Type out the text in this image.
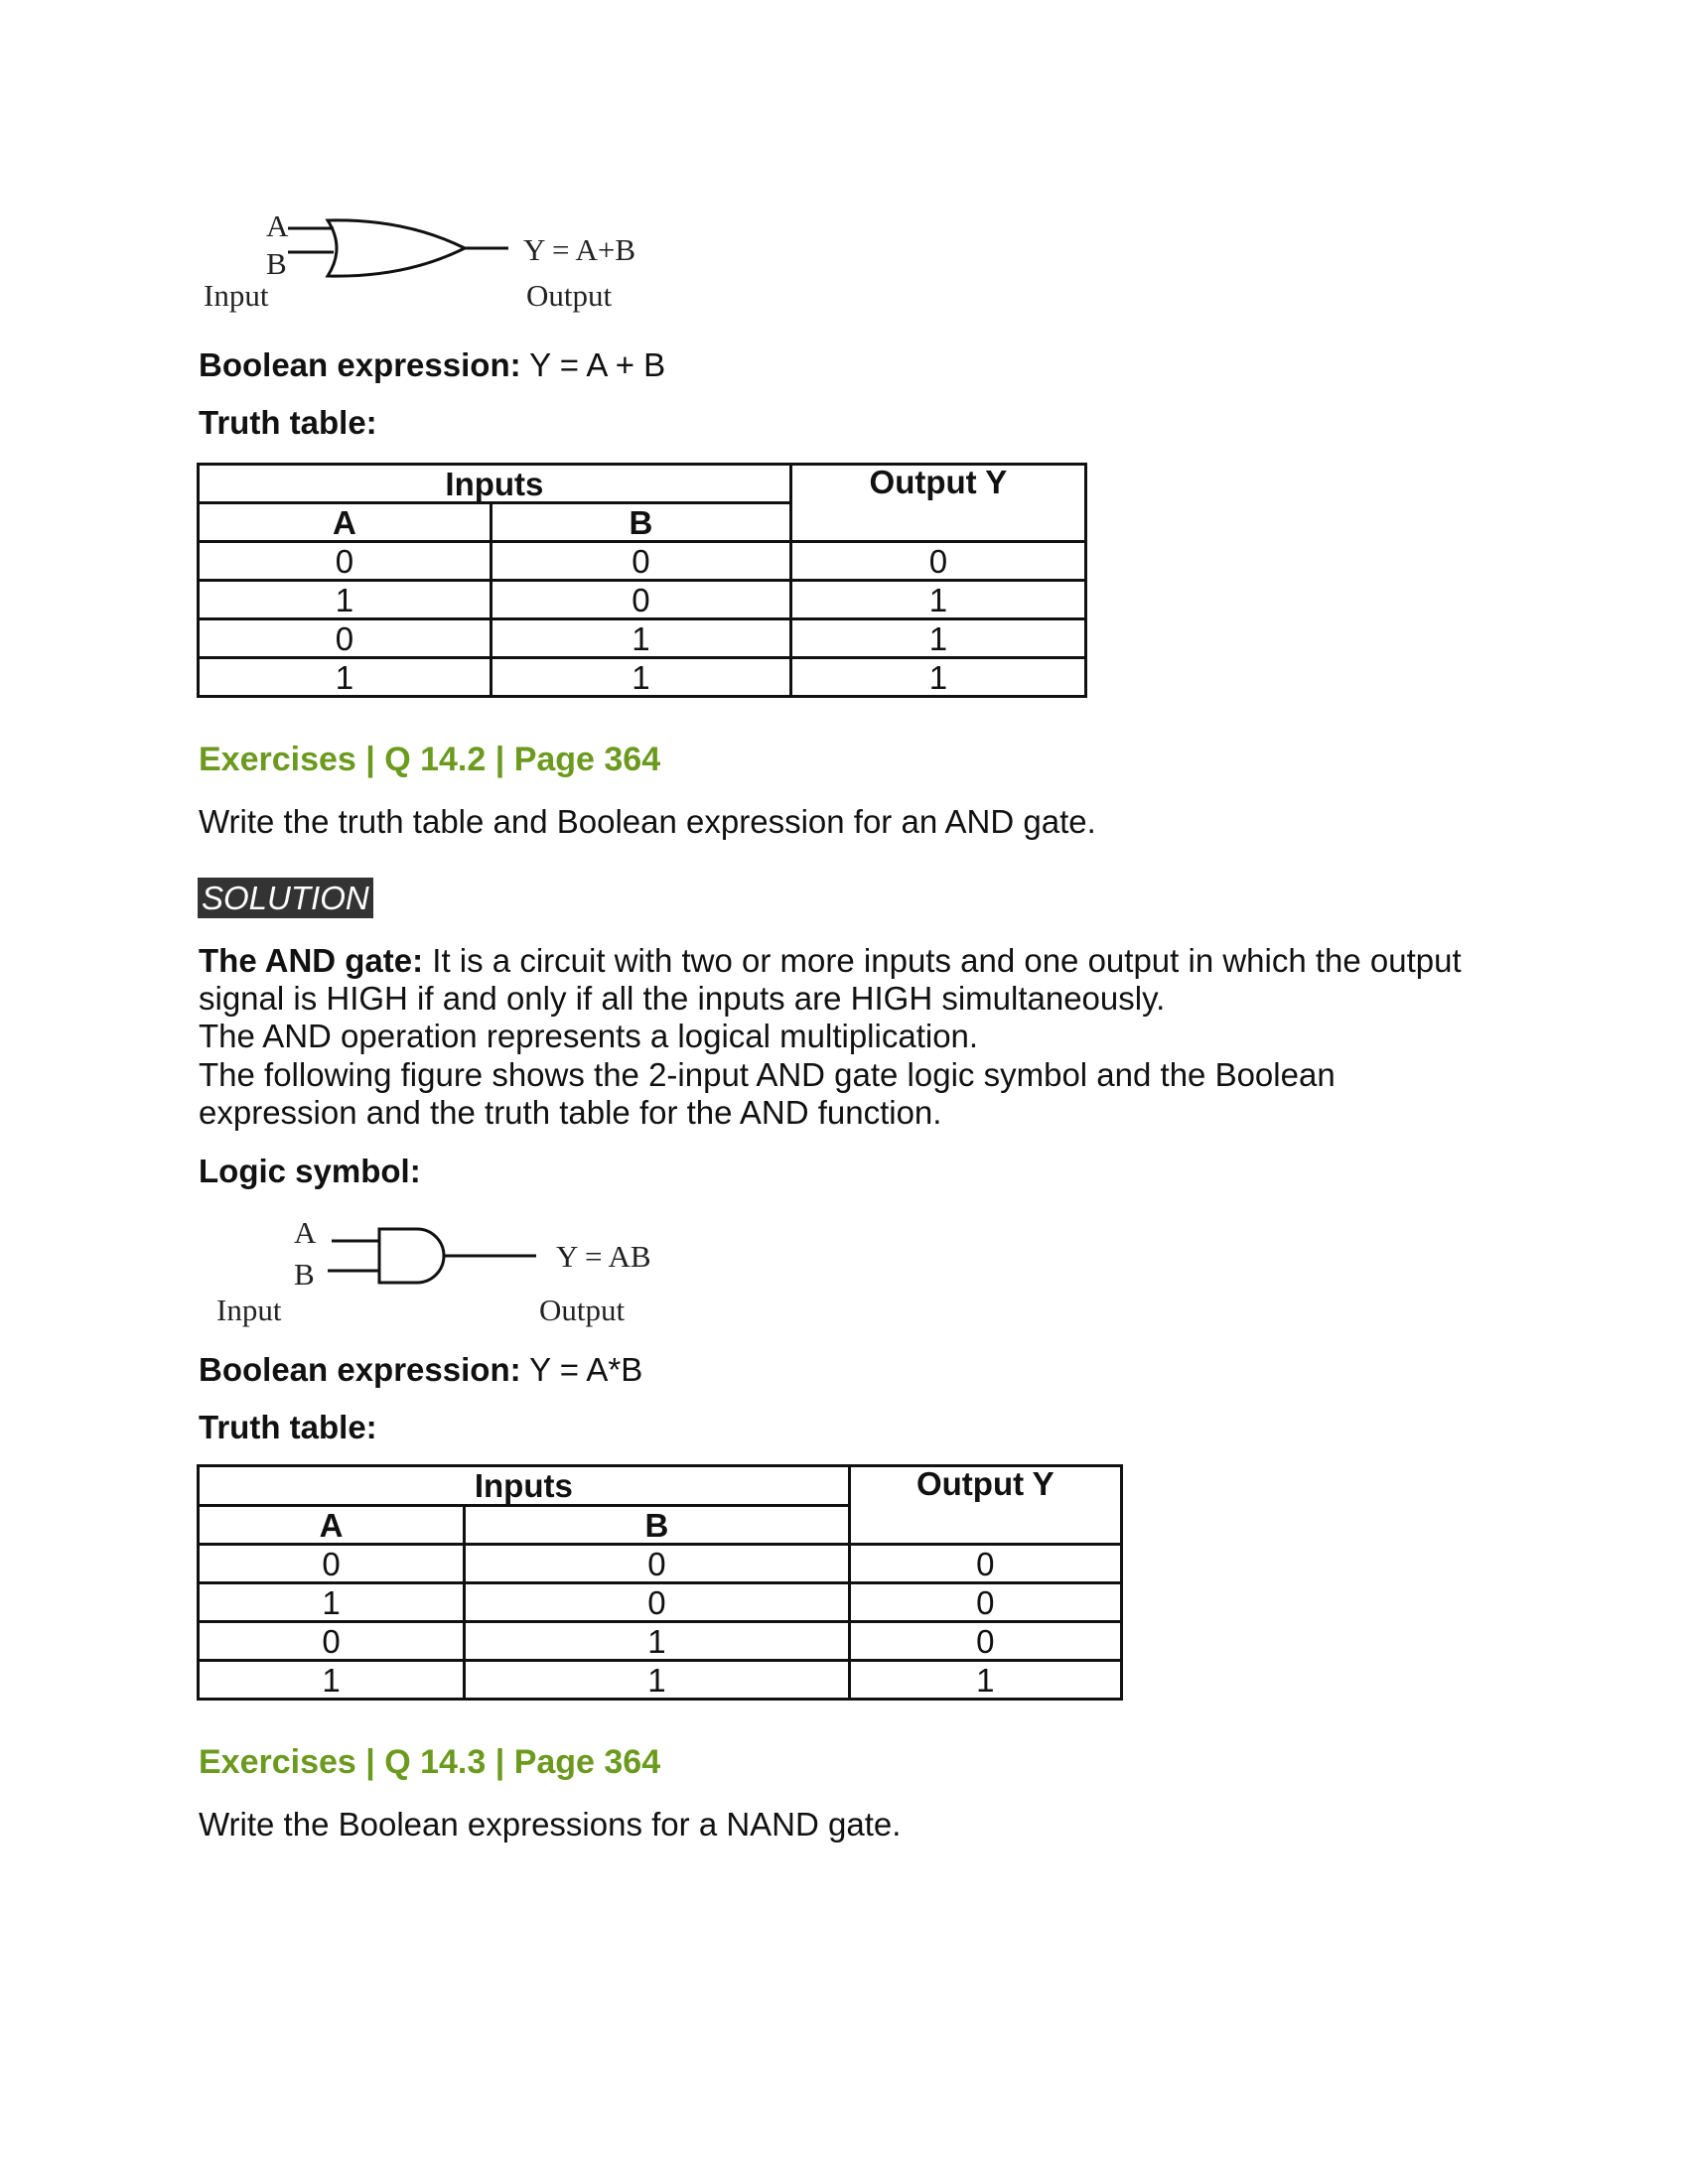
A
B
Input
Y = A+B
Output
Boolean expression: Y = A + B
Truth table:
Inputs		Output Y
A	B	
0	0	0
1	0	1
0	1	1
1	1	1
Exercises | Q 14.2 | Page 364
Write the truth table and Boolean expression for an AND gate.
SOLUTION
The AND gate: It is a circuit with two or more inputs and one output in which the output
signal is HIGH if and only if all the inputs are HIGH simultaneously.
The AND operation represents a logical multiplication.
The following figure shows the 2-input AND gate logic symbol and the Boolean
expression and the truth table for the AND function.
Logic symbol:
A
B
Input
Y = AB
Output
Boolean expression: Y = A*B
Truth table:
Inputs		Output Y
A	B	
0	0	0
1	0	0
0	1	0
1	1	1
Exercises | Q 14.3 | Page 364
Write the Boolean expressions for a NAND gate.
